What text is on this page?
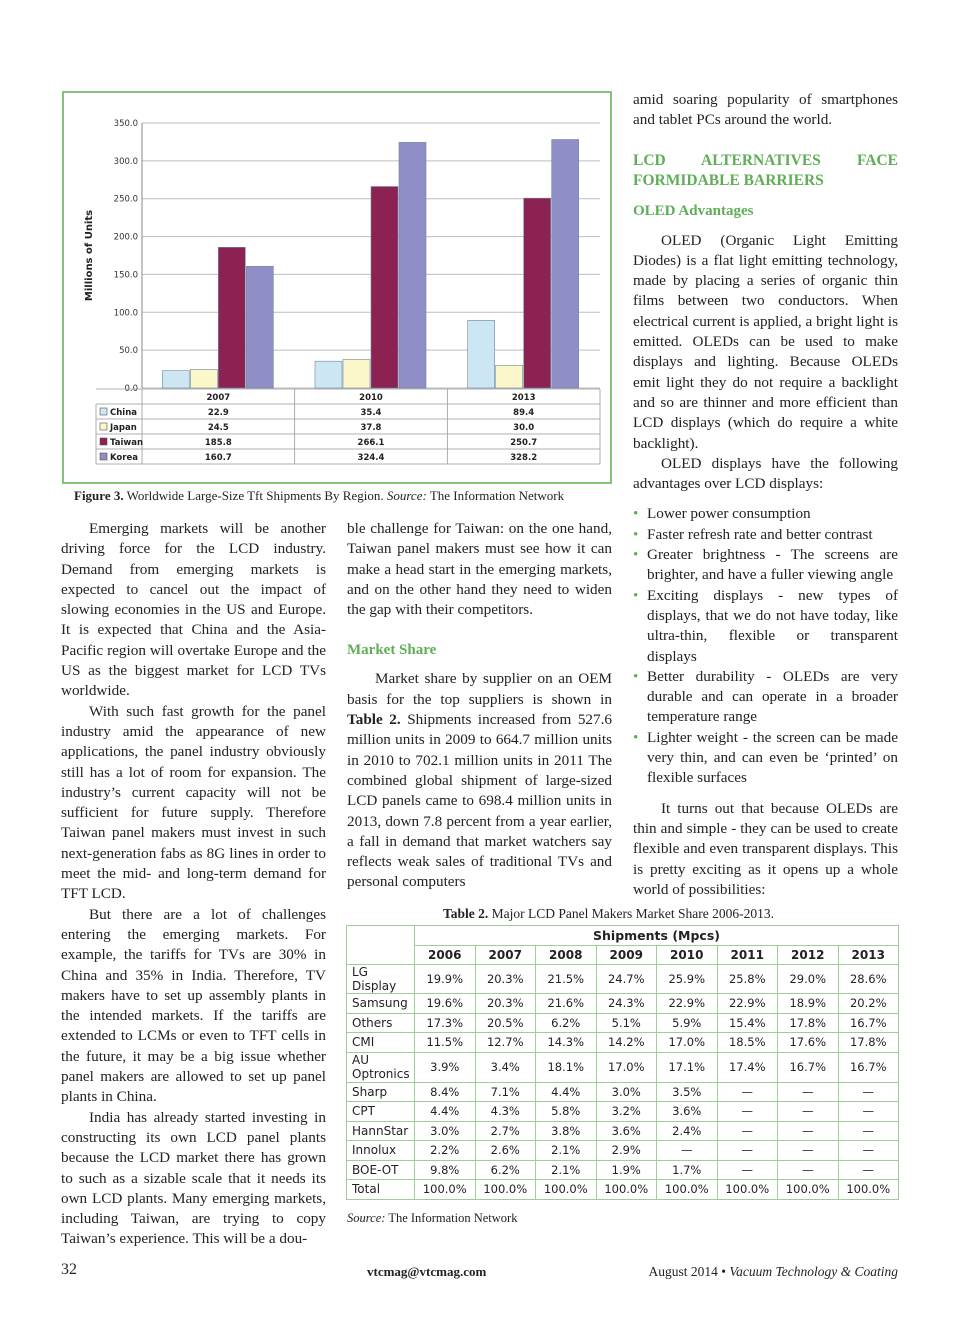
350.0
300.0
250.0
200.0
150.0
100.0
50.0
0.0
Millions of Units
2007	2010	2013
China	22.9	35.4	89.4
Japan	24.5	37.8	30.0
Taiwan	185.8	266.1	250.7
Korea	160.7	324.4	328.2
Figure 3. Worldwide Large-Size Tft Shipments By Region. Source: The Information Network

Emerging markets will be another driving force for the LCD industry. Demand from emerging markets is expected to cancel out the impact of slowing economies in the US and Europe. It is expected that China and the Asia-Pacific region will overtake Europe and the US as the biggest market for LCD TVs worldwide.

With such fast growth for the panel industry amid the appearance of new applications, the panel industry obviously still has a lot of room for expansion. The industry’s current capacity will not be sufficient for future supply. Therefore Taiwan panel makers must invest in such next-generation fabs as 8G lines in order to meet the mid- and long-term demand for TFT LCD.

But there are a lot of challenges entering the emerging markets. For example, the tariffs for TVs are 30% in China and 35% in India. Therefore, TV makers have to set up assembly plants in the intended markets. If the tariffs are extended to LCMs or even to TFT cells in the future, it may be a big issue whether panel makers are allowed to set up panel plants in China.

India has already started investing in constructing its own LCD panel plants because the LCD market there has grown to such as a sizable scale that it needs its own LCD plants. Many emerging markets, including Taiwan, are trying to copy Taiwan’s experience. This will be a dou-

ble challenge for Taiwan: on the one hand, Taiwan panel makers must see how it can make a head start in the emerging markets, and on the other hand they need to widen the gap with their competitors.

Market Share

Market share by supplier on an OEM basis for the top suppliers is shown in Table 2. Shipments increased from 527.6 million units in 2009 to 664.7 million units in 2010 to 702.1 million units in 2011 The combined global shipment of large-sized LCD panels came to 698.4 million units in 2013, down 7.8 percent from a year earlier, a fall in demand that market watchers say reflects weak sales of traditional TVs and personal computers

amid soaring popularity of smartphones and tablet PCs around the world.

LCD ALTERNATIVES FACE FORMIDABLE BARRIERS
OLED Advantages

OLED (Organic Light Emitting Diodes) is a flat light emitting technology, made by placing a series of organic thin films between two conductors. When electrical current is applied, a bright light is emitted. OLEDs can be used to make displays and lighting. Because OLEDs emit light they do not require a backlight and so are thinner and more efficient than LCD displays (which do require a white backlight).

OLED displays have the following advantages over LCD displays:

• Lower power consumption
• Faster refresh rate and better contrast
• Greater brightness - The screens are brighter, and have a fuller viewing angle
• Exciting displays - new types of displays, that we do not have today, like ultra-thin, flexible or transparent displays
• Better durability - OLEDs are very durable and can operate in a broader temperature range
• Lighter weight - the screen can be made very thin, and can even be ‘printed’ on flexible surfaces

It turns out that because OLEDs are thin and simple - they can be used to create flexible and even transparent displays. This is pretty exciting as it opens up a whole world of possibilities:

Table 2. Major LCD Panel Makers Market Share 2006-2013.
	Shipments (Mpcs)							
	2006	2007	2008	2009	2010	2011	2012	2013
LG Display	19.9%	20.3%	21.5%	24.7%	25.9%	25.8%	29.0%	28.6%
Samsung	19.6%	20.3%	21.6%	24.3%	22.9%	22.9%	18.9%	20.2%
Others	17.3%	20.5%	6.2%	5.1%	5.9%	15.4%	17.8%	16.7%
CMI	11.5%	12.7%	14.3%	14.2%	17.0%	18.5%	17.6%	17.8%
AU Optronics	3.9%	3.4%	18.1%	17.0%	17.1%	17.4%	16.7%	16.7%
Sharp	8.4%	7.1%	4.4%	3.0%	3.5%	—	—	—
CPT	4.4%	4.3%	5.8%	3.2%	3.6%	—	—	—
HannStar	3.0%	2.7%	3.8%	3.6%	2.4%	—	—	—
Innolux	2.2%	2.6%	2.1%	2.9%	—	—	—	—
BOE-OT	9.8%	6.2%	2.1%	1.9%	1.7%	—	—	—
Total	100.0%	100.0%	100.0%	100.0%	100.0%	100.0%	100.0%	100.0%
Source: The Information Network
32	vtcmag@vtcmag.com	August 2014 • Vacuum Technology & Coating
